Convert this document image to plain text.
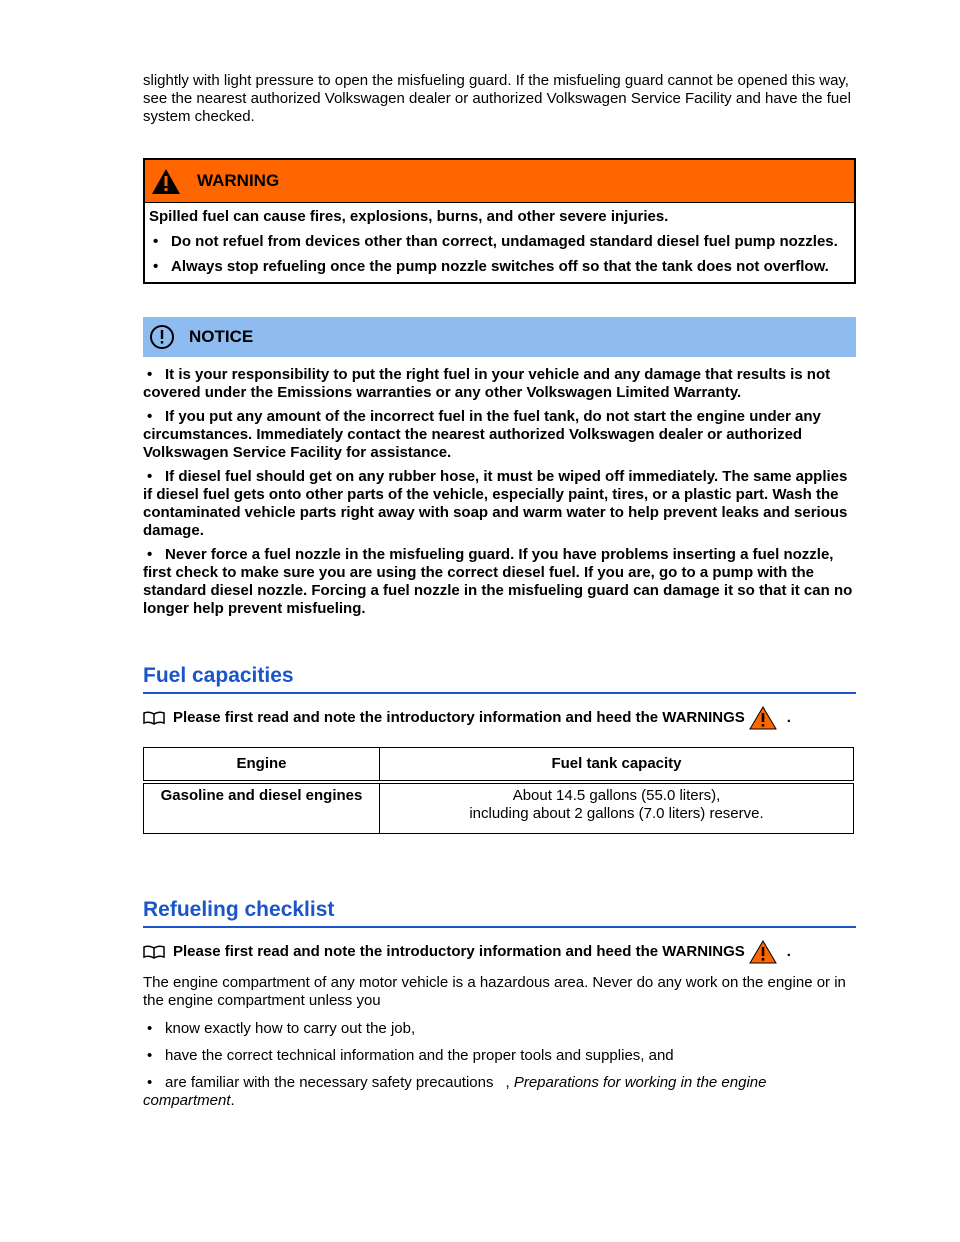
slightly with light pressure to open the misfueling guard. If the misfueling guard cannot be opened this way, see the nearest authorized Volkswagen dealer or authorized Volkswagen Service Facility and have the fuel system checked.

WARNING

Spilled fuel can cause fires, explosions, burns, and other severe injuries.

• Do not refuel from devices other than correct, undamaged standard diesel fuel pump nozzles.

• Always stop refueling once the pump nozzle switches off so that the tank does not overflow.

NOTICE

• It is your responsibility to put the right fuel in your vehicle and any damage that results is not covered under the Emissions warranties or any other Volkswagen Limited Warranty.

• If you put any amount of the incorrect fuel in the fuel tank, do not start the engine under any circumstances. Immediately contact the nearest authorized Volkswagen dealer or authorized Volkswagen Service Facility for assistance.

• If diesel fuel should get on any rubber hose, it must be wiped off immediately. The same applies if diesel fuel gets onto other parts of the vehicle, especially paint, tires, or a plastic part. Wash the contaminated vehicle parts right away with soap and warm water to help prevent leaks and serious damage.

• Never force a fuel nozzle in the misfueling guard. If you have problems inserting a fuel nozzle, first check to make sure you are using the correct diesel fuel. If you are, go to a pump with the standard diesel nozzle. Forcing a fuel nozzle in the misfueling guard can damage it so that it can no longer help prevent misfueling.

Fuel capacities
Please first read and note the introductory information and heed the WARNINGS	.
Engine	Fuel tank capacity
Gasoline and diesel engines	About 14.5 gallons (55.0 liters),
including about 2 gallons (7.0 liters) reserve.
Refueling checklist
Please first read and note the introductory information and heed the WARNINGS	.

The engine compartment of any motor vehicle is a hazardous area. Never do any work on the engine or in the engine compartment unless you

• know exactly how to carry out the job,

• have the correct technical information and the proper tools and supplies, and

• are familiar with the necessary safety precautions , Preparations for working in the engine compartment.
